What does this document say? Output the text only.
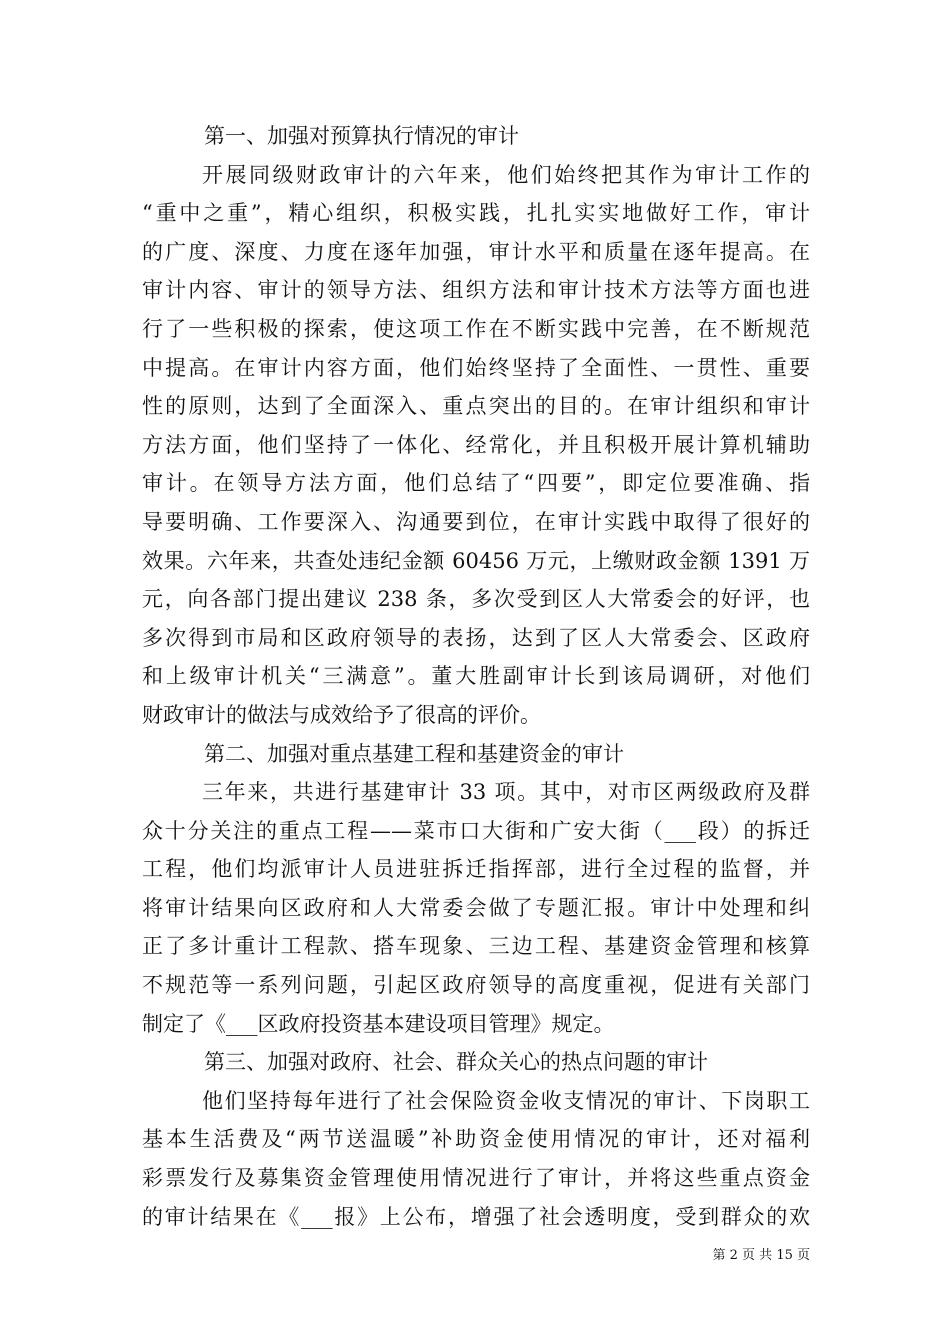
第一、加强对预算执行情况的审计
开展同级财政审计的六年来，他们始终把其作为审计工作的
“重中之重”，精心组织，积极实践，扎扎实实地做好工作，审计
的广度、深度、力度在逐年加强，审计水平和质量在逐年提高。在
审计内容、审计的领导方法、组织方法和审计技术方法等方面也进
行了一些积极的探索，使这项工作在不断实践中完善，在不断规范
中提高。在审计内容方面，他们始终坚持了全面性、一贯性、重要
性的原则，达到了全面深入、重点突出的目的。在审计组织和审计
方法方面，他们坚持了一体化、经常化，并且积极开展计算机辅助
审计。在领导方法方面，他们总结了“四要”，即定位要准确、指
导要明确、工作要深入、沟通要到位，在审计实践中取得了很好的
效果。六年来，共查处违纪金额 60456 万元，上缴财政金额 1391 万
元，向各部门提出建议 238 条，多次受到区人大常委会的好评，也
多次得到市局和区政府领导的表扬，达到了区人大常委会、区政府
和上级审计机关“三满意”。董大胜副审计长到该局调研，对他们
财政审计的做法与成效给予了很高的评价。
第二、加强对重点基建工程和基建资金的审计
三年来，共进行基建审计 33 项。其中，对市区两级政府及群
众十分关注的重点工程——菜市口大街和广安大街（___段）的拆迁
工程，他们均派审计人员进驻拆迁指挥部，进行全过程的监督，并
将审计结果向区政府和人大常委会做了专题汇报。审计中处理和纠
正了多计重计工程款、搭车现象、三边工程、基建资金管理和核算
不规范等一系列问题，引起区政府领导的高度重视，促进有关部门
制定了《___区政府投资基本建设项目管理》规定。
第三、加强对政府、社会、群众关心的热点问题的审计
他们坚持每年进行了社会保险资金收支情况的审计、下岗职工
基本生活费及“两节送温暖”补助资金使用情况的审计，还对福利
彩票发行及募集资金管理使用情况进行了审计，并将这些重点资金
的审计结果在《___报》上公布，增强了社会透明度，受到群众的欢
第 2 页 共 15 页
